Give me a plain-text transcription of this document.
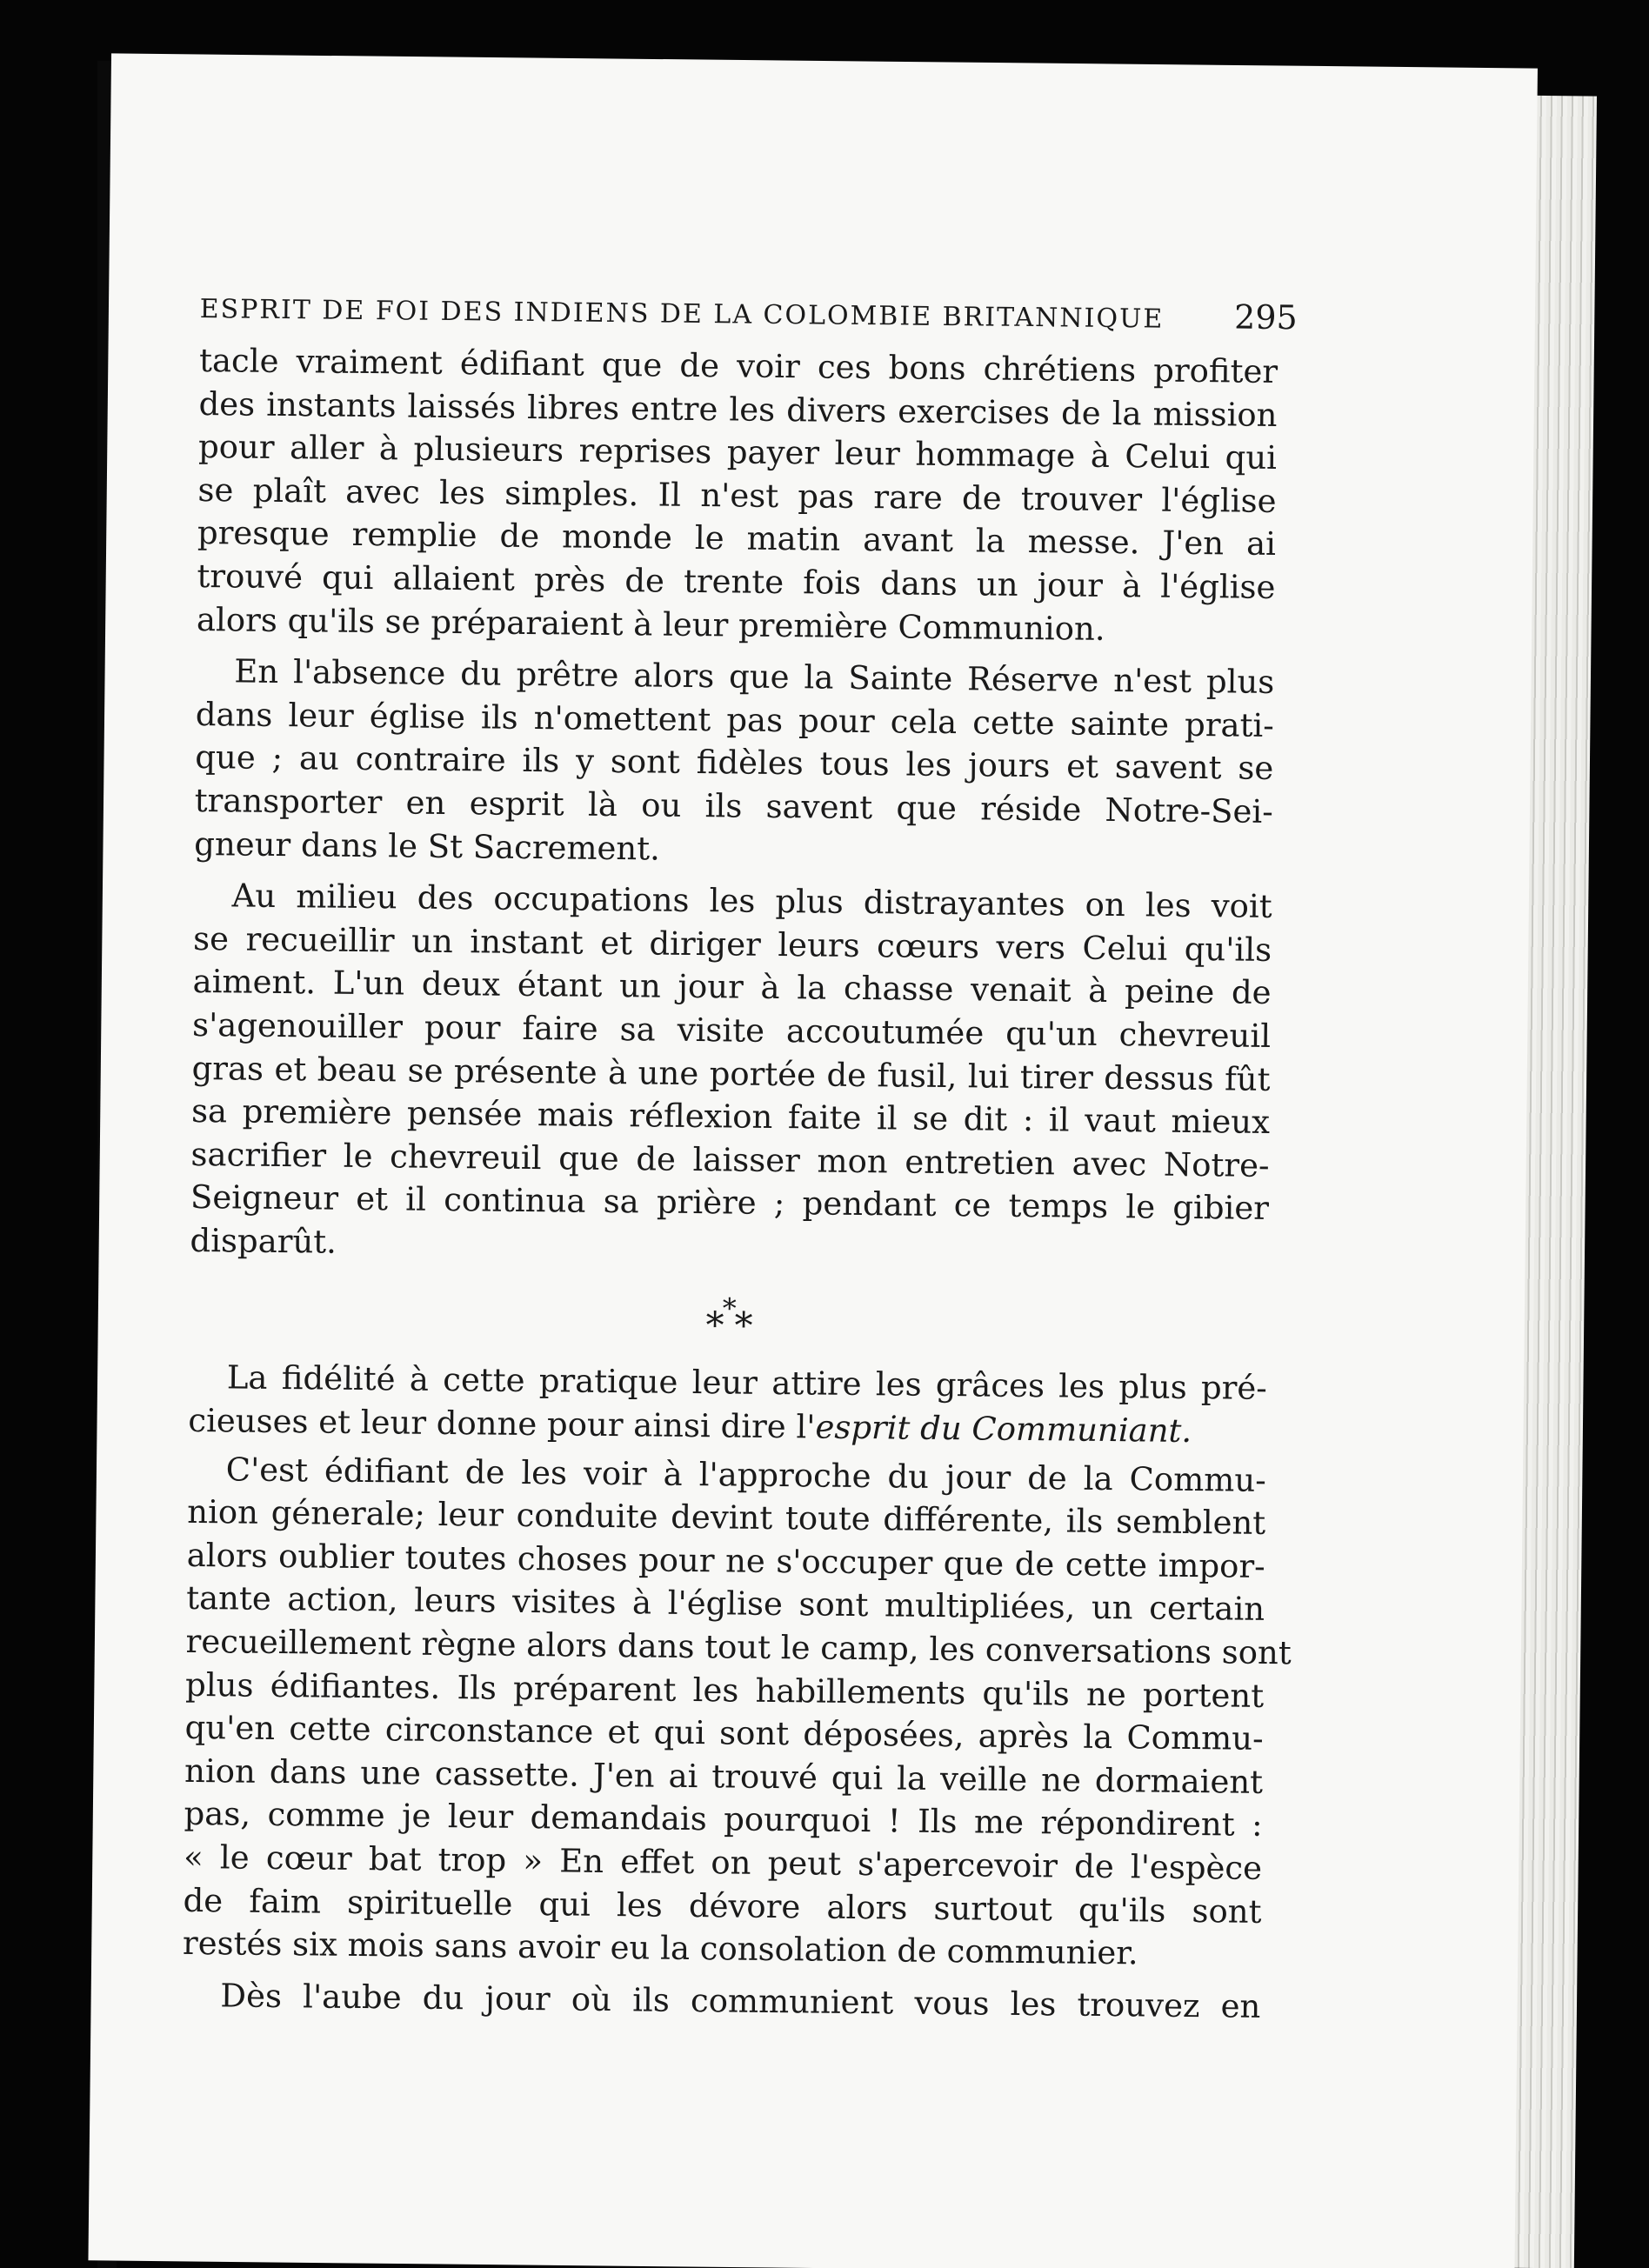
ESPRIT DE FOI DES INDIENS DE LA COLOMBIE BRITANNIQUE 295

tacle vraiment édifiant que de voir ces bons chrétiens profiter
des instants laissés libres entre les divers exercises de la mission
pour aller à plusieurs reprises payer leur hommage à Celui qui
se plaît avec les simples. Il n'est pas rare de trouver l'église
presque remplie de monde le matin avant la messe. J'en ai
trouvé qui allaient près de trente fois dans un jour à l'église
alors qu'ils se préparaient à leur première Communion.

En l'absence du prêtre alors que la Sainte Réserve n'est plus
dans leur église ils n'omettent pas pour cela cette sainte prati-
que ; au contraire ils y sont fidèles tous les jours et savent se
transporter en esprit là ou ils savent que réside Notre-Sei-
gneur dans le St Sacrement.

Au milieu des occupations les plus distrayantes on les voit
se recueillir un instant et diriger leurs cœurs vers Celui qu'ils
aiment. L'un deux étant un jour à la chasse venait à peine de
s'agenouiller pour faire sa visite accoutumée qu'un chevreuil
gras et beau se présente à une portée de fusil, lui tirer dessus fût
sa première pensée mais réflexion faite il se dit : il vaut mieux
sacrifier le chevreuil que de laisser mon entretien avec Notre-
Seigneur et il continua sa prière ; pendant ce temps le gibier
disparût.

***

La fidélité à cette pratique leur attire les grâces les plus pré-
cieuses et leur donne pour ainsi dire l'esprit du Communiant.

C'est édifiant de les voir à l'approche du jour de la Commu-
nion génerale; leur conduite devint toute différente, ils semblent
alors oublier toutes choses pour ne s'occuper que de cette impor-
tante action, leurs visites à l'église sont multipliées, un certain
recueillement règne alors dans tout le camp, les conversations sont
plus édifiantes. Ils préparent les habillements qu'ils ne portent
qu'en cette circonstance et qui sont déposées, après la Commu-
nion dans une cassette. J'en ai trouvé qui la veille ne dormaient
pas, comme je leur demandais pourquoi ! Ils me répondirent :
« le cœur bat trop » En effet on peut s'apercevoir de l'espèce
de faim spirituelle qui les dévore alors surtout qu'ils sont
restés six mois sans avoir eu la consolation de communier.

Dès l'aube du jour où ils communient vous les trouvez en
